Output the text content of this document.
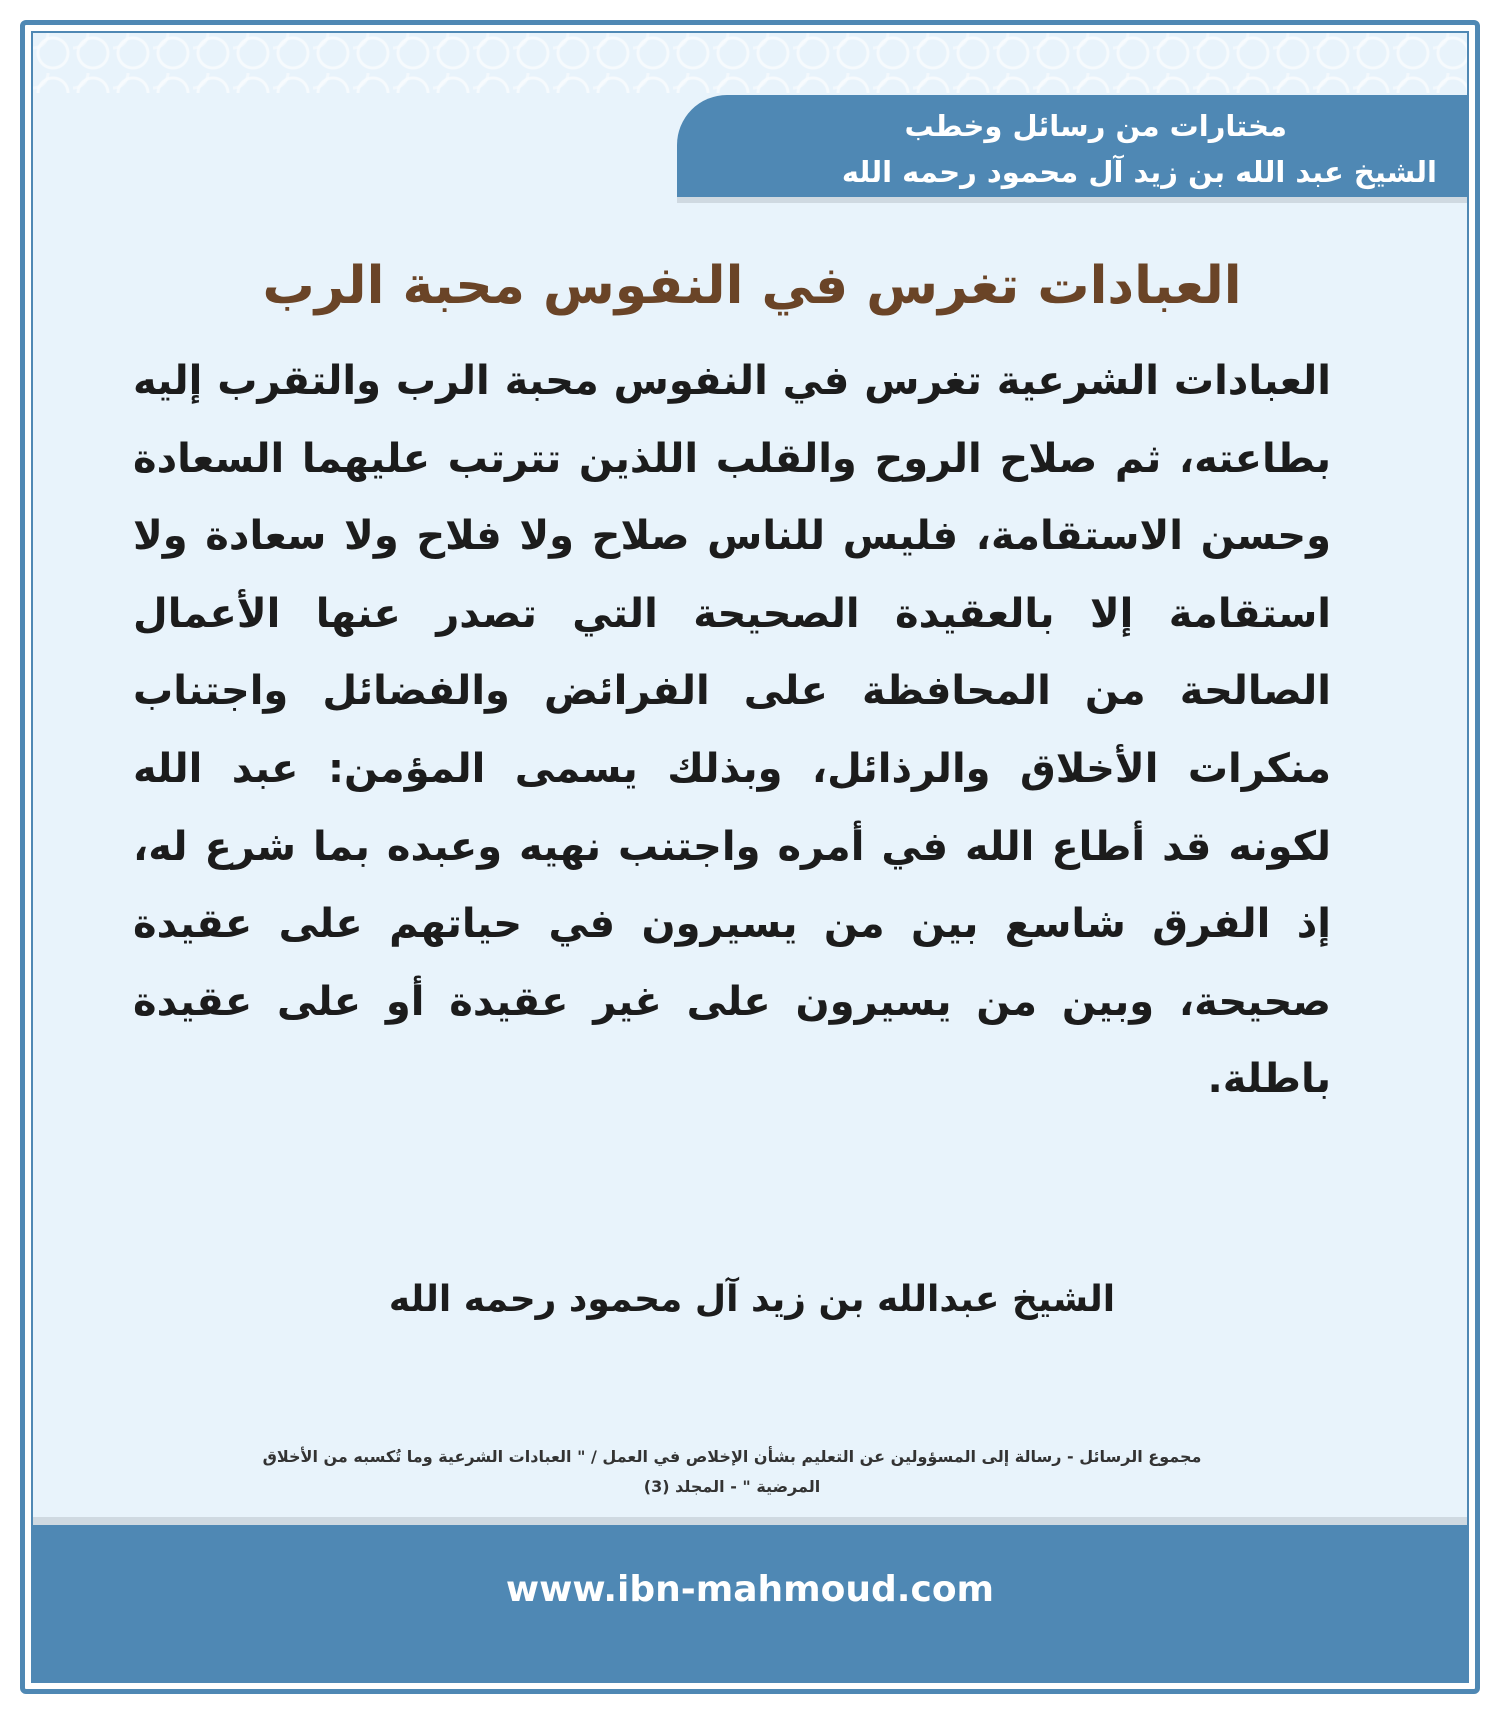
مختارات من رسائل وخطب
الشيخ عبد الله بن زيد آل محمود رحمه الله
العبادات تغرس في النفوس محبة الرب
العبادات الشرعية تغرس في النفوس محبة الرب والتقرب إليه بطاعته، ثم صلاح الروح والقلب اللذين تترتب عليهما السعادة وحسن الاستقامة، فليس للناس صلاح ولا فلاح ولا سعادة ولا استقامة إلا بالعقيدة الصحيحة التي تصدر عنها الأعمال الصالحة من المحافظة على الفرائض والفضائل واجتناب منكرات الأخلاق والرذائل، وبذلك يسمى المؤمن: عبد الله لكونه قد أطاع الله في أمره واجتنب نهيه وعبده بما شرع له، إذ الفرق شاسع بين من يسيرون في حياتهم على عقيدة صحيحة، وبين من يسيرون على غير عقيدة أو على عقيدة باطلة.
الشيخ عبدالله بن زيد آل محمود رحمه الله
مجموع الرسائل - رسالة إلى المسؤولين عن التعليم بشأن الإخلاص في العمل / " العبادات الشرعية وما تُكسبه من الأخلاق
المرضية " - المجلد (3)
www.ibn-mahmoud.com
